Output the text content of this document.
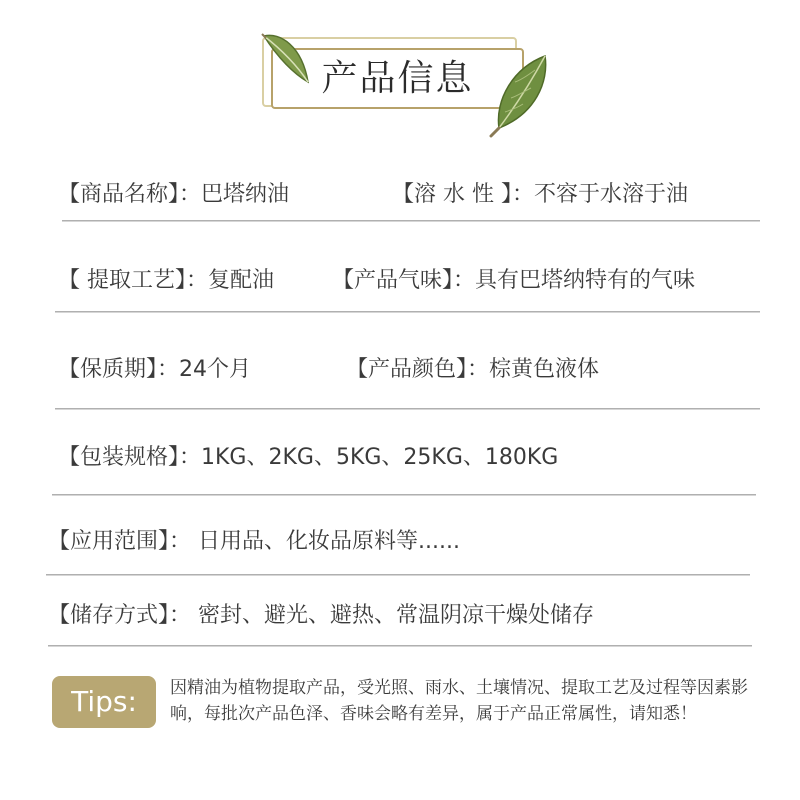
产品信息
【商品名称】：巴塔纳油	【溶 水 性 】：不容于水溶于油
【 提取工艺】：复配油	【产品气味】：具有巴塔纳特有的气味
【保质期】：24个月	【产品颜色】：棕黄色液体
【包装规格】：1KG、2KG、5KG、25KG、180KG
【应用范围】： 日用品、化妆品原料等......
【储存方式】： 密封、避光、避热、常温阴凉干燥处储存
Tips:	因精油为植物提取产品，受光照、雨水、土壤情况、提取工艺及过程等因素影响，每批次产品色泽、香味会略有差异，属于产品正常属性，请知悉！
